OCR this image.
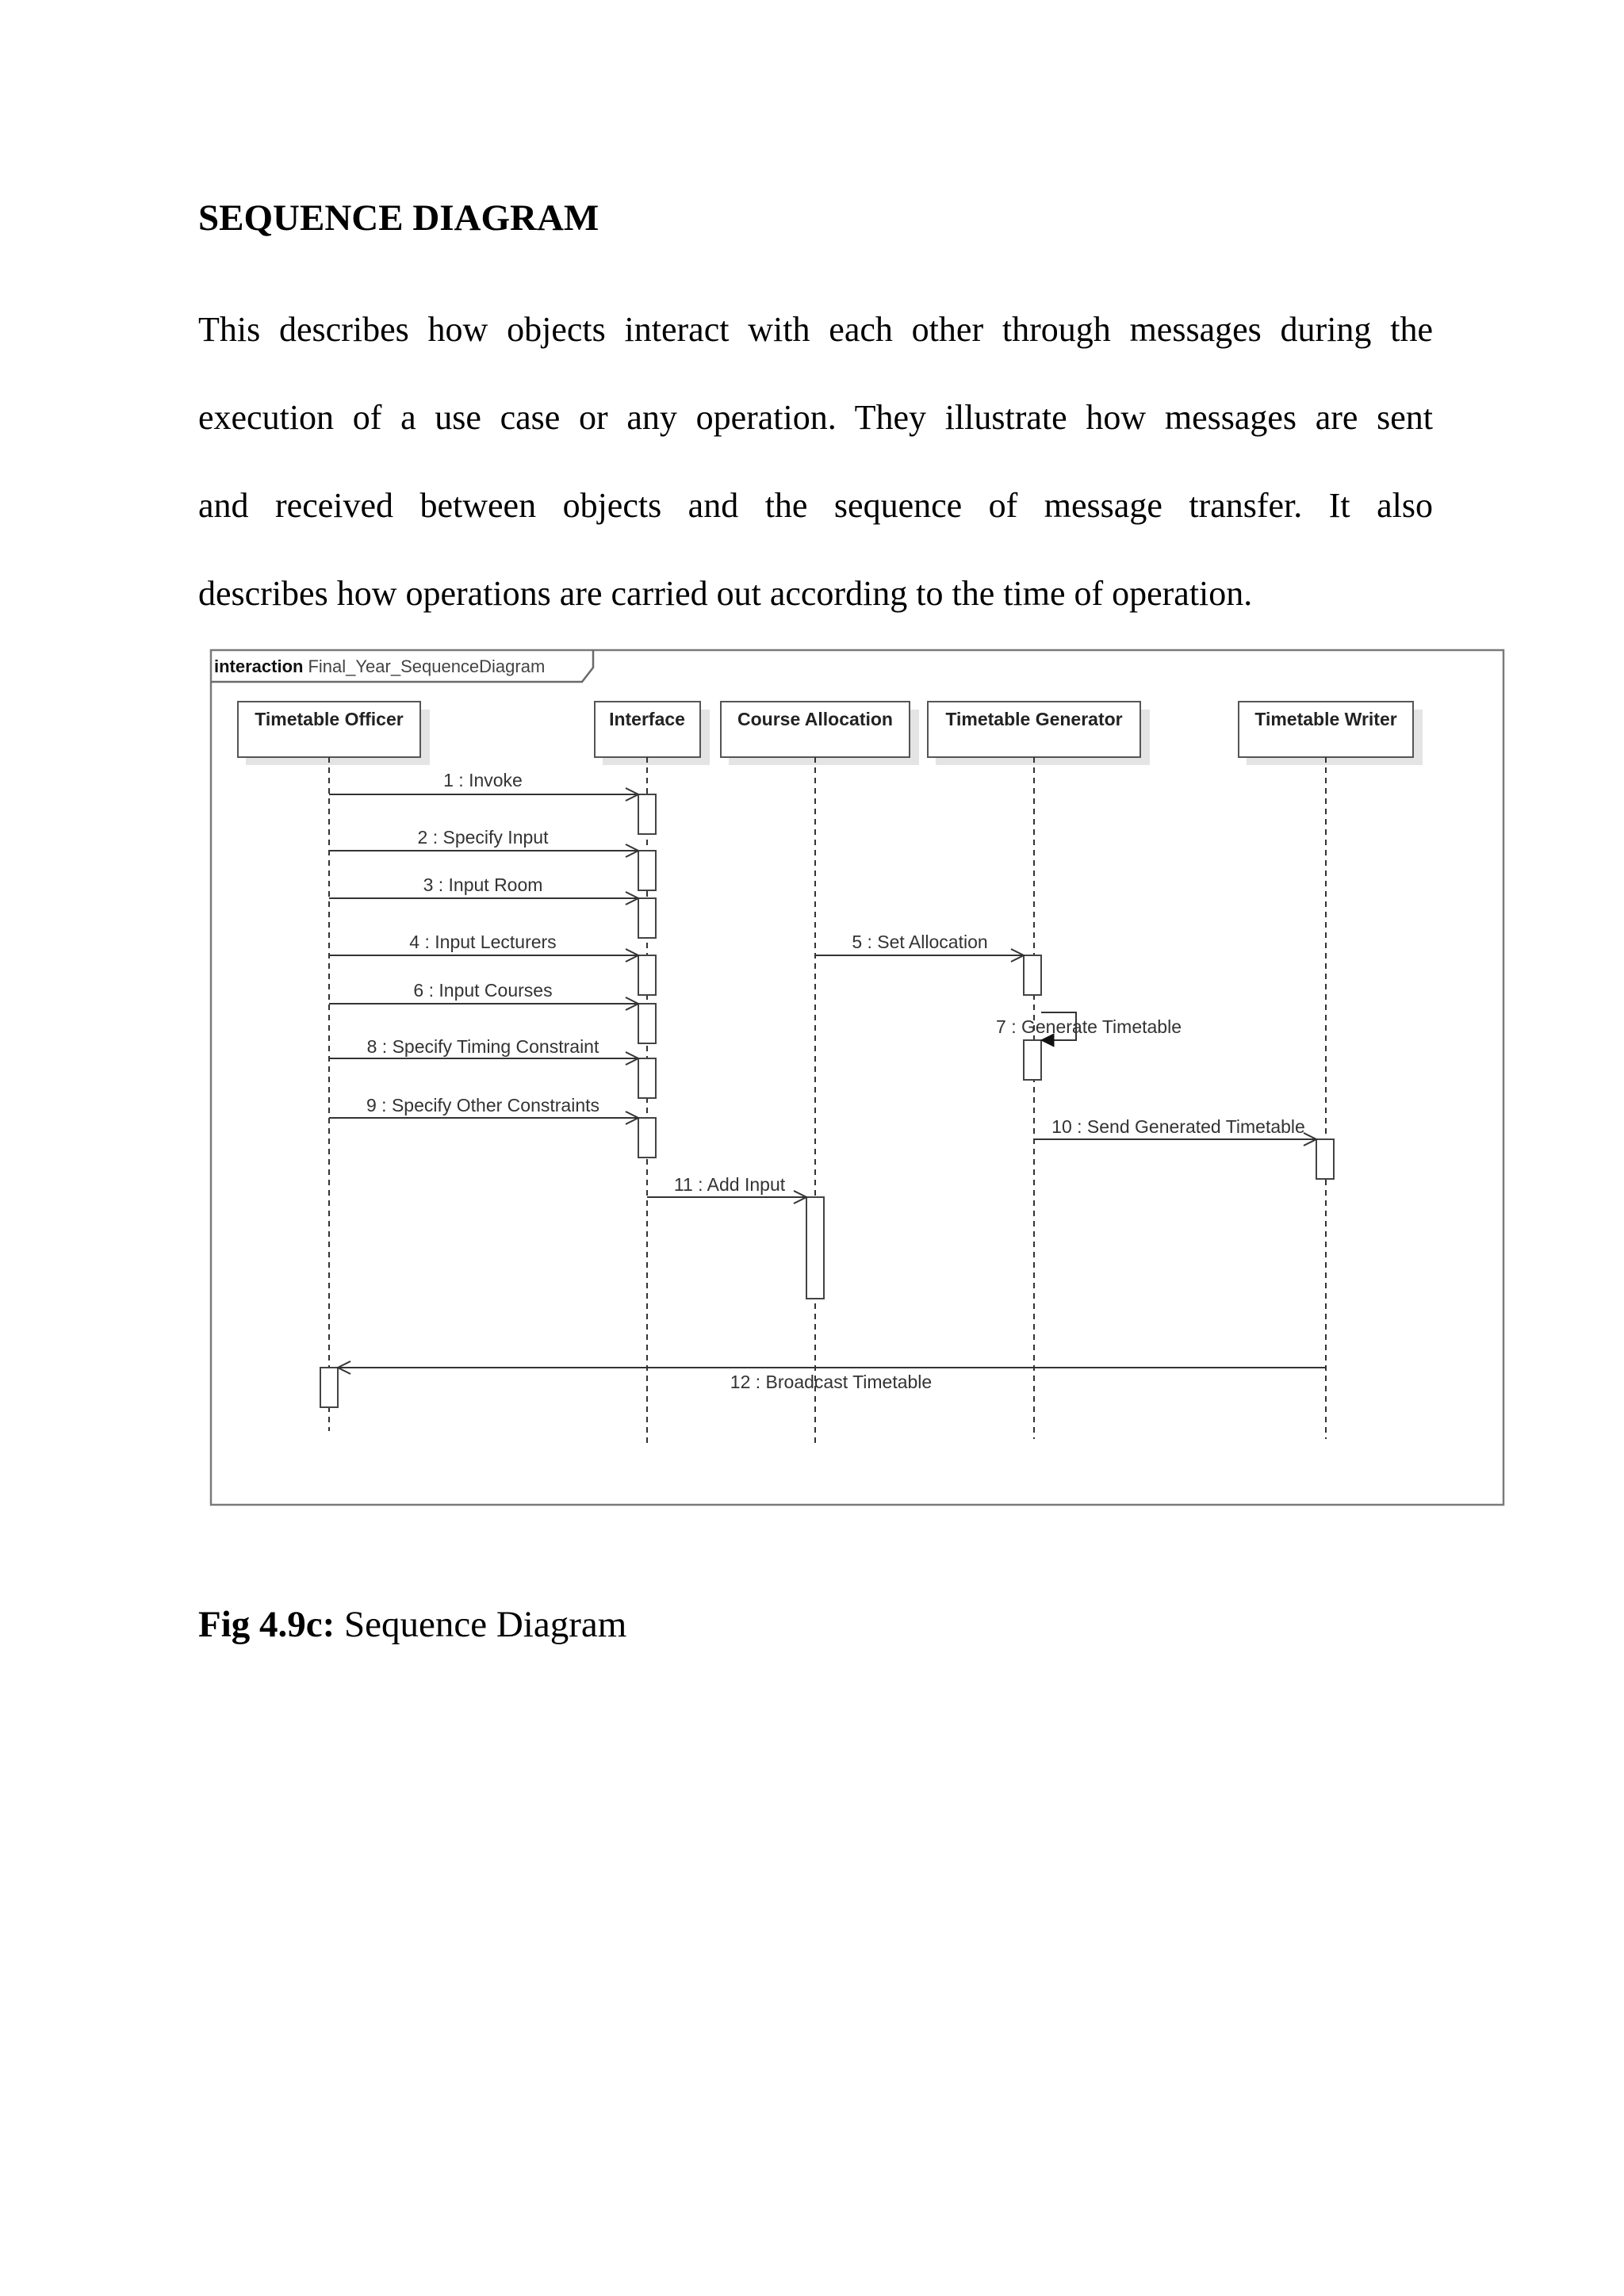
SEQUENCE DIAGRAM

This describes how objects interact with each other through messages during the
execution of a use case or any operation. They illustrate how messages are sent
and received between objects and the sequence of message transfer. It also
describes how operations are carried out according to the time of operation.

interaction Final_Year_SequenceDiagram
Timetable Officer	Interface	Course Allocation	Timetable Generator	Timetable Writer
1 : Invoke
2 : Specify Input
3 : Input Room
4 : Input Lecturers	5 : Set Allocation
6 : Input Courses
7 : Generate Timetable
8 : Specify Timing Constraint
9 : Specify Other Constraints
10 : Send Generated Timetable
11 : Add Input
12 : Broadcast Timetable

Fig 4.9c: Sequence Diagram
